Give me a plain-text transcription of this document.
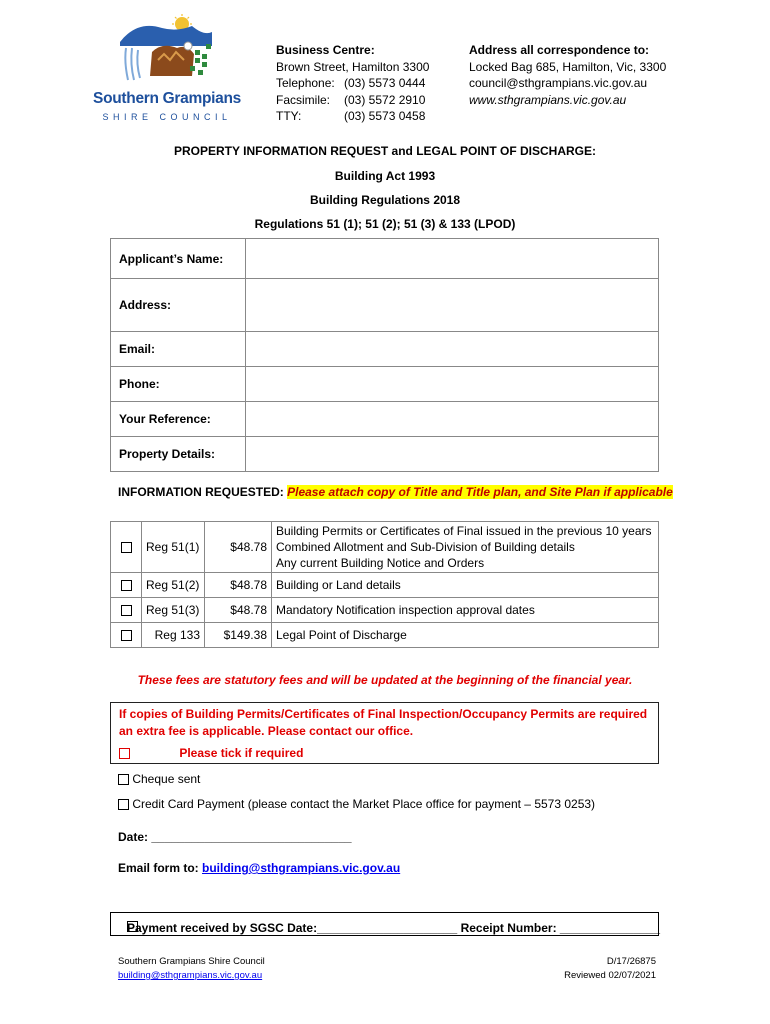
Southern Grampians
SHIRE COUNCIL
Business Centre:
Brown Street, Hamilton 3300
Telephone: (03) 5573 0444
Facsimile:	(03) 5572 2910
TTY:	(03) 5573 0458
Address all correspondence to:
Locked Bag 685, Hamilton, Vic, 3300
council@sthgrampians.vic.gov.au
www.sthgrampians.vic.gov.au
PROPERTY INFORMATION REQUEST and LEGAL POINT OF DISCHARGE:
Building Act 1993
Building Regulations 2018
Regulations 51 (1); 51 (2); 51 (3) & 133 (LPOD)
Applicant’s Name:	
Address:	
Email:	
Phone:	
Your Reference:	
Property Details:	
INFORMATION REQUESTED: Please attach copy of Title and Title plan, and Site Plan if applicable
	Reg 51(1)	$48.78	Building Permits or Certificates of Final issued in the previous 10 years
Combined Allotment and Sub-Division of Building details
Any current Building Notice and Orders

	Reg 51(2)	$48.78	Building or Land details
	Reg 51(3)	$48.78	Mandatory Notification inspection approval dates
	Reg 133	$149.38	Legal Point of Discharge
These fees are statutory fees and will be updated at the beginning of the financial year.
If copies of Building Permits/Certificates of Final Inspection/Occupancy Permits are required an extra fee is applicable. Please contact our office.
Please tick if required
Cheque sent
Credit Card Payment (please contact the Market Place office for payment – 5573 0253)
Date: ______________________________
Email form to: building@sthgrampians.vic.gov.au
Payment received by SGSC Date:_____________________ Receipt Number: _______________
Southern Grampians Shire Council
building@sthgrampians.vic.gov.au
D/17/26875
Reviewed 02/07/2021
